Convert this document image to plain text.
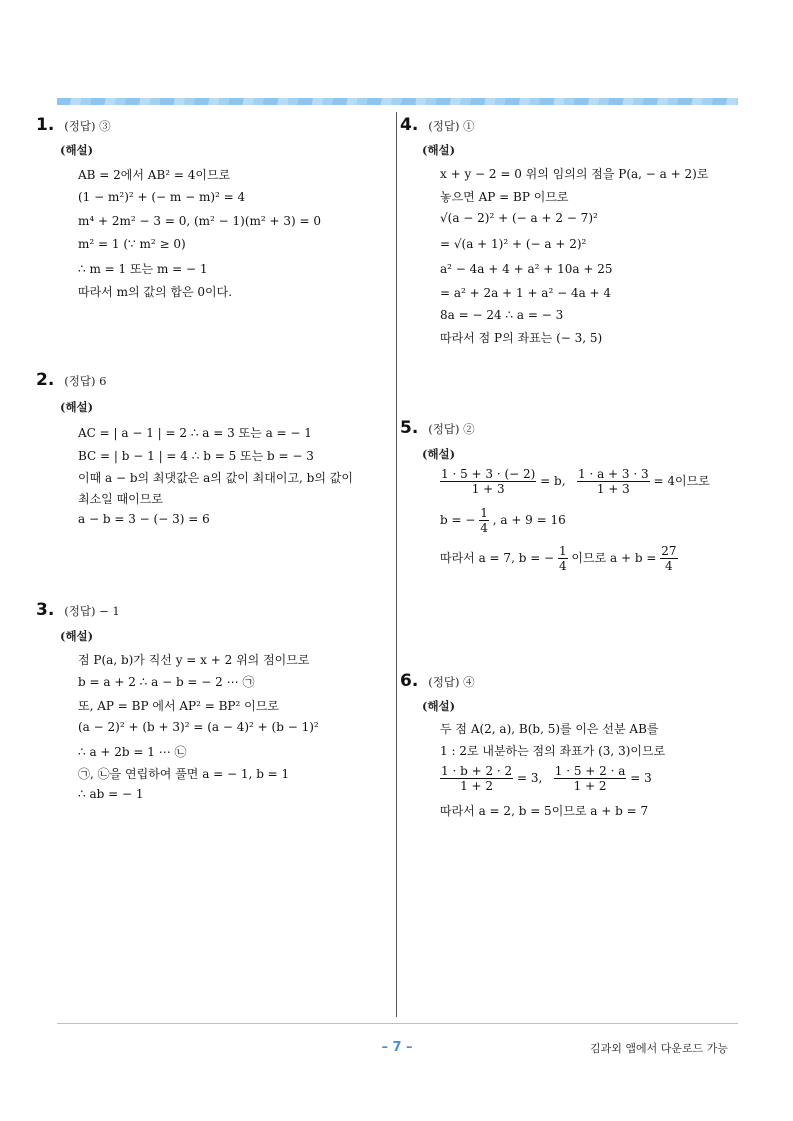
1. (정답) ③
(해설)
AB = 2에서 AB² = 4이므로
(1 − m²)² + (− m − m)² = 4
m⁴ + 2m² − 3 = 0, (m² − 1)(m² + 3) = 0
m² = 1 (∵ m² ≥ 0)
∴ m = 1 또는 m = − 1
따라서 m의 값의 합은 0이다.
2. (정답) 6
(해설)
AC = | a − 1 | = 2 ∴ a = 3 또는 a = − 1
BC = | b − 1 | = 4 ∴ b = 5 또는 b = − 3
이때 a − b의 최댓값은 a의 값이 최대이고, b의 값이
최소일 때이므로
a − b = 3 − (− 3) = 6
3. (정답) − 1
(해설)
점 P(a, b)가 직선 y = x + 2 위의 점이므로
b = a + 2 ∴ a − b = − 2 ⋯ ㉠
또, AP = BP 에서 AP² = BP² 이므로
(a − 2)² + (b + 3)² = (a − 4)² + (b − 1)²
∴ a + 2b = 1 ⋯ ㉡
㉠, ㉡을 연립하여 풀면 a = − 1, b = 1
∴ ab = − 1
4. (정답) ①
(해설)
x + y − 2 = 0 위의 임의의 점을 P(a, − a + 2)로
놓으면 AP = BP 이므로
√(a − 2)² + (− a + 2 − 7)²
= √(a + 1)² + (− a + 2)²
a² − 4a + 4 + a² + 10a + 25
= a² + 2a + 1 + a² − 4a + 4
8a = − 24 ∴ a = − 3
따라서 점 P의 좌표는 (− 3, 5)
5. (정답) ②
(해설)
$\frac{1 \cdot 5 + 3 \cdot (- 2)}{1 + 3} = b$, $\frac{1 \cdot a + 3 \cdot 3}{1 + 3} = 4$이므로
b = − $\frac{1}{4}$ , a + 9 = 16
따라서 a = 7, b = − $\frac{1}{4}$ 이므로 $a + b = \frac{27}{4}$
6. (정답) ④
(해설)
두 점 A(2, a), B(b, 5)를 이은 선분 AB를
1 : 2로 내분하는 점의 좌표가 (3, 3)이므로
$\frac{1 \cdot b + 2 \cdot 2}{1 + 2} = 3$, $\frac{1 \cdot 5 + 2 \cdot a}{1 + 2} = 3$
따라서 a = 2, b = 5이므로 a + b = 7
– 7 –	김과외 앱에서 다운로드 가능
